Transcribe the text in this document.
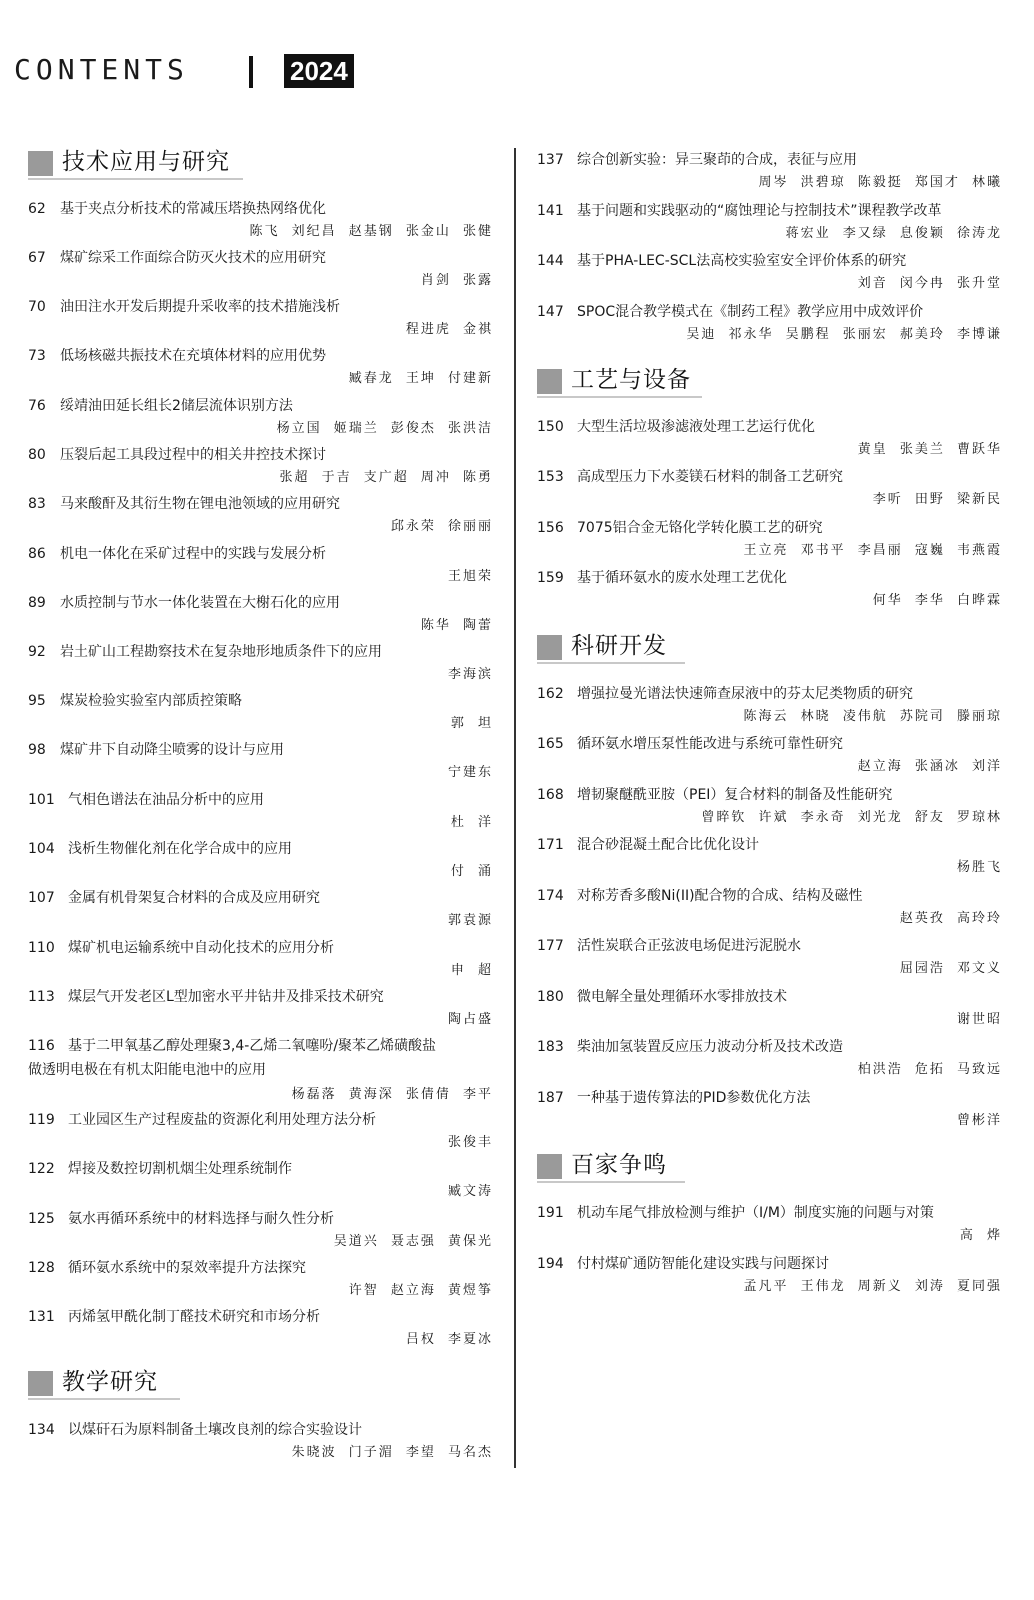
CONTENTS	2024 •02
技术应用与研究
62 基于夹点分析技术的常减压塔换热网络优化
陈飞 刘纪昌 赵基钢 张金山 张健
67 煤矿综采工作面综合防灭火技术的应用研究
肖剑 张露
70 油田注水开发后期提升采收率的技术措施浅析
程进虎 金祺
73 低场核磁共振技术在充填体材料的应用优势
臧春龙 王坤 付建新
76 绥靖油田延长组长2储层流体识别方法
杨立国 姬瑞兰 彭俊杰 张洪洁
80 压裂后起工具段过程中的相关井控技术探讨
张超 于吉 支广超 周冲 陈勇
83 马来酸酐及其衍生物在锂电池领域的应用研究
邱永荣 徐丽丽
86 机电一体化在采矿过程中的实践与发展分析
王旭荣
89 水质控制与节水一体化装置在大榭石化的应用
陈华 陶蕾
92 岩土矿山工程勘察技术在复杂地形地质条件下的应用
李海滨
95 煤炭检验实验室内部质控策略
郭 坦
98 煤矿井下自动降尘喷雾的设计与应用
宁建东
101 气相色谱法在油品分析中的应用
杜 洋
104 浅析生物催化剂在化学合成中的应用
付 涌
107 金属有机骨架复合材料的合成及应用研究
郭袁源
110 煤矿机电运输系统中自动化技术的应用分析
申 超
113 煤层气开发老区L型加密水平井钻井及排采技术研究
陶占盛
116 基于二甲氧基乙醇处理聚3,4-乙烯二氧噻吩/聚苯乙烯磺酸盐
做透明电极在有机太阳能电池中的应用
杨磊落 黄海深 张倩倩 李平
119 工业园区生产过程废盐的资源化利用处理方法分析
张俊丰
122 焊接及数控切割机烟尘处理系统制作
臧文涛
125 氨水再循环系统中的材料选择与耐久性分析
吴道兴 聂志强 黄保光
128 循环氨水系统中的泵效率提升方法探究
许智 赵立海 黄煜筝
131 丙烯氢甲酰化制丁醛技术研究和市场分析
吕权 李夏冰
教学研究
134 以煤矸石为原料制备土壤改良剂的综合实验设计
朱晓波 门子湄 李望 马名杰
137 综合创新实验：异三聚茚的合成，表征与应用
周岑 洪碧琼 陈毅挺 郑国才 林曦
141 基于问题和实践驱动的“腐蚀理论与控制技术”课程教学改革
蒋宏业 李又绿 息俊颖 徐涛龙
144 基于PHA-LEC-SCL法高校实验室安全评价体系的研究
刘音 闵今冉 张升堂
147 SPOC混合教学模式在《制药工程》教学应用中成效评价
吴迪 祁永华 吴鹏程 张丽宏 郝美玲 李博谦
工艺与设备
150 大型生活垃圾渗滤液处理工艺运行优化
黄皇 张美兰 曹跃华
153 高成型压力下水菱镁石材料的制备工艺研究
李听 田野 梁新民
156 7075铝合金无铬化学转化膜工艺的研究
王立亮 邓书平 李昌丽 寇巍 韦燕霞
159 基于循环氨水的废水处理工艺优化
何华 李华 白晔霖
科研开发
162 增强拉曼光谱法快速筛查尿液中的芬太尼类物质的研究
陈海云 林晓 凌伟航 苏院司 滕丽琼
165 循环氨水增压泵性能改进与系统可靠性研究
赵立海 张涵冰 刘洋
168 增韧聚醚酰亚胺（PEI）复合材料的制备及性能研究
曾睟钦 许斌 李永奇 刘光龙 舒友 罗琼林
171 混合砂混凝土配合比优化设计
杨胜飞
174 对称芳香多酸Ni(II)配合物的合成、结构及磁性
赵英孜 高玲玲
177 活性炭联合正弦波电场促进污泥脱水
屈园浩 邓文义
180 微电解全量处理循环水零排放技术
谢世昭
183 柴油加氢装置反应压力波动分析及技术改造
柏洪浩 危拓 马致远
187 一种基于遗传算法的PID参数优化方法
曾彬洋
百家争鸣
191 机动车尾气排放检测与维护（I/M）制度实施的问题与对策
高 烨
194 付村煤矿通防智能化建设实践与问题探讨
孟凡平 王伟龙 周新义 刘涛 夏同强
